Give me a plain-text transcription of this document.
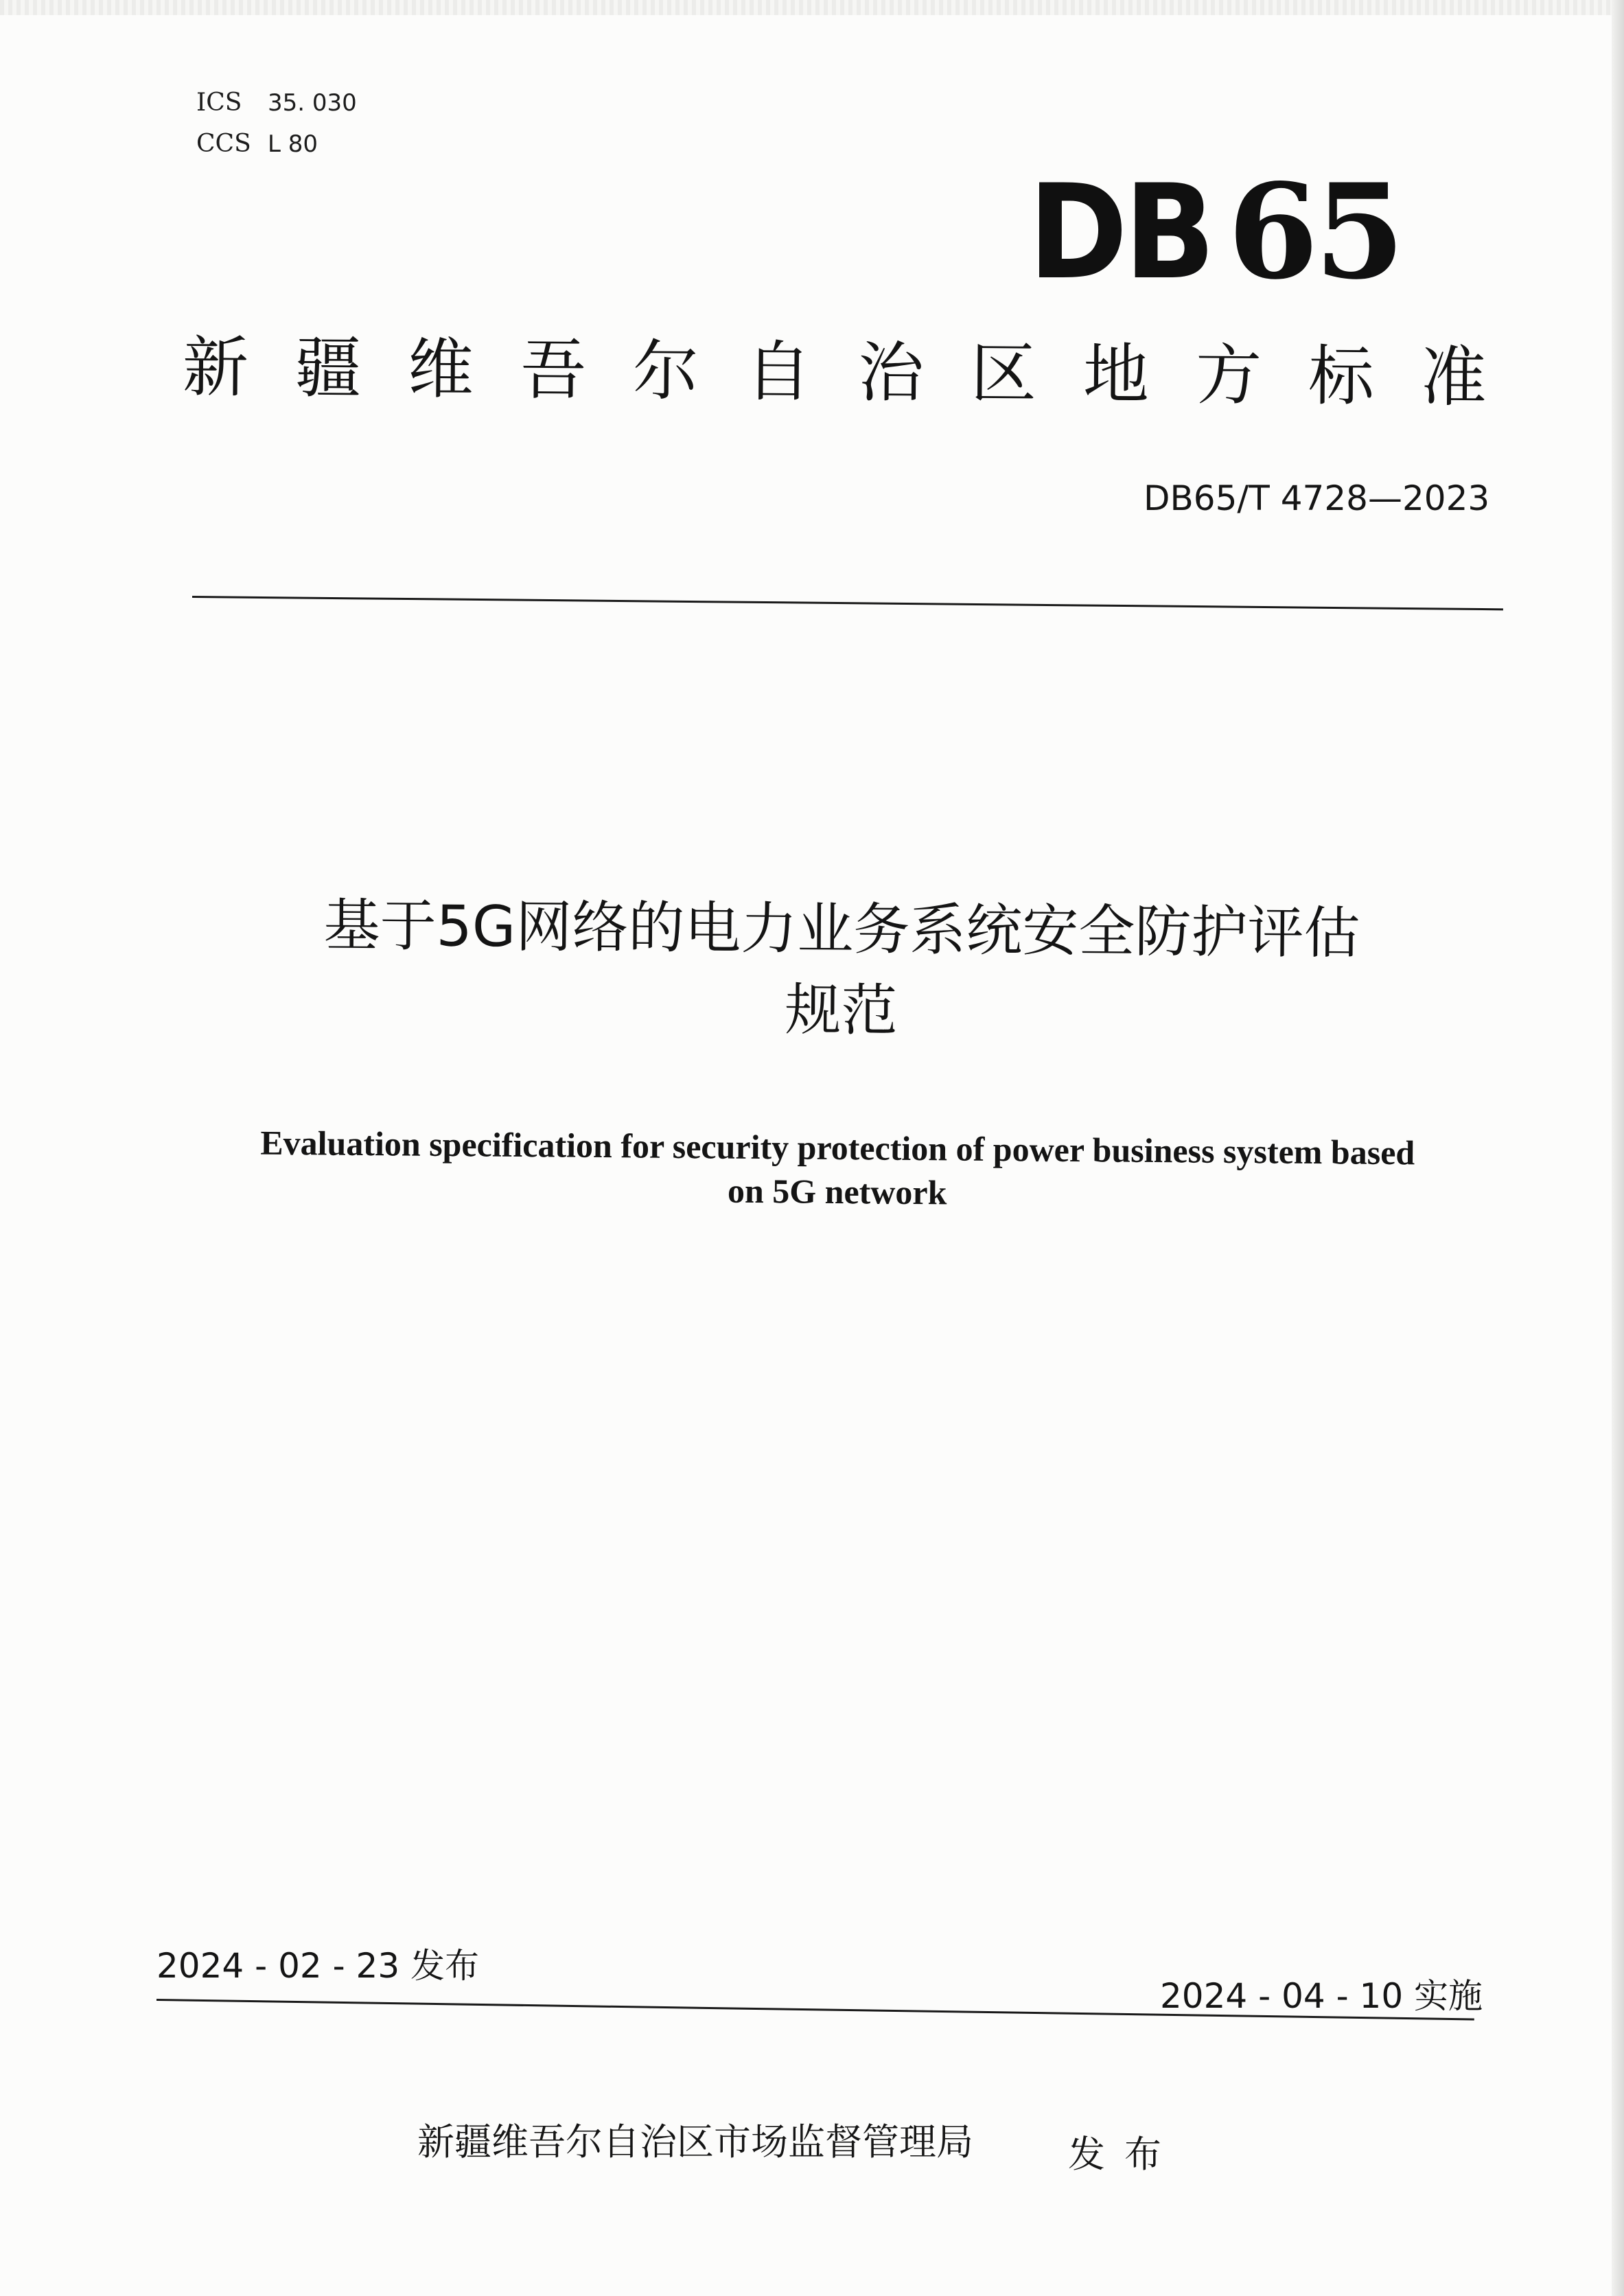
ICS 35. 030
CCS L 80
DB 65
新疆维吾尔自治区地方标准
DB65/T 4728—2023
基于5G网络的电力业务系统安全防护评估
规范
Evaluation specification for security protection of power business system based
on 5G network
2024 - 02 - 23 发布
2024 - 04 - 10 实施
新疆维吾尔自治区市场监督管理局	发布
